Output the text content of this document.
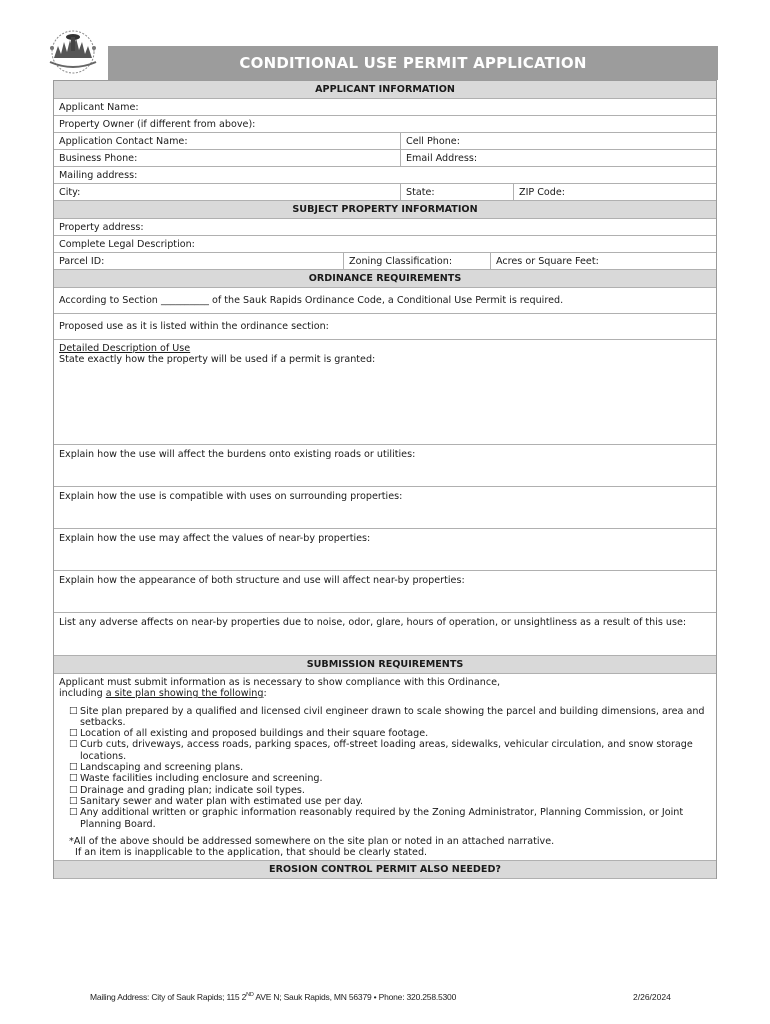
CONDITIONAL USE PERMIT APPLICATION
APPLICANT INFORMATION
Applicant Name:
Property Owner (if different from above):
Application Contact Name:	Cell Phone:
Business Phone:	Email Address:
Mailing address:
City:	State:	ZIP Code:
SUBJECT PROPERTY INFORMATION
Property address:
Complete Legal Description:
Parcel ID:	Zoning Classification:	Acres or Square Feet:
ORDINANCE REQUIREMENTS
According to Section __________ of the Sauk Rapids Ordinance Code, a Conditional Use Permit is required.
Proposed use as it is listed within the ordinance section:
Detailed Description of Use
State exactly how the property will be used if a permit is granted:
Explain how the use will affect the burdens onto existing roads or utilities:
Explain how the use is compatible with uses on surrounding properties:
Explain how the use may affect the values of near-by properties:
Explain how the appearance of both structure and use will affect near-by properties:
List any adverse affects on near-by properties due to noise, odor, glare, hours of operation, or unsightliness as a result of this use:
SUBMISSION REQUIREMENTS
Applicant must submit information as is necessary to show compliance with this Ordinance,
including a site plan showing the following:
☐ Site plan prepared by a qualified and licensed civil engineer drawn to scale showing the parcel and building dimensions, area and setbacks.
☐ Location of all existing and proposed buildings and their square footage.
☐ Curb cuts, driveways, access roads, parking spaces, off-street loading areas, sidewalks, vehicular circulation, and snow storage locations.
☐ Landscaping and screening plans.
☐ Waste facilities including enclosure and screening.
☐ Drainage and grading plan; indicate soil types.
☐ Sanitary sewer and water plan with estimated use per day.
☐ Any additional written or graphic information reasonably required by the Zoning Administrator, Planning Commission, or Joint Planning Board.
*All of the above should be addressed somewhere on the site plan or noted in an attached narrative.
If an item is inapplicable to the application, that should be clearly stated.
EROSION CONTROL PERMIT ALSO NEEDED?
Mailing Address: City of Sauk Rapids; 115 2ND AVE N; Sauk Rapids, MN 56379 • Phone: 320.258.5300	2/26/2024
